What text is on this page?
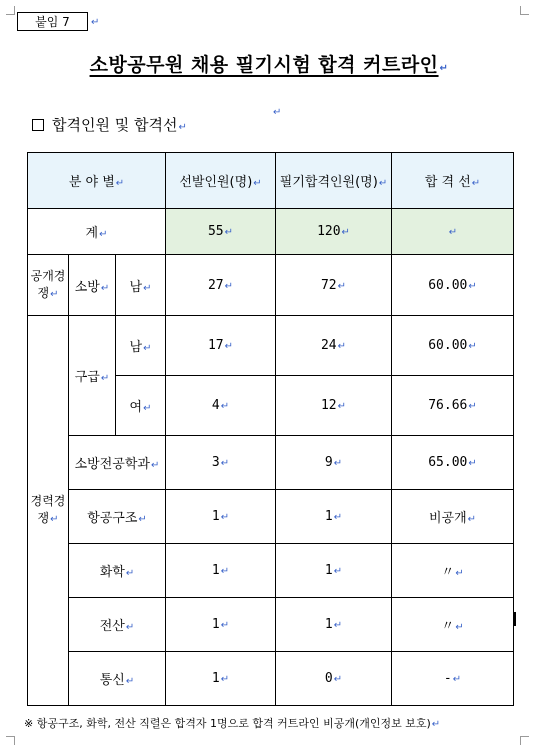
붙임 7	↵
소방공무원 채용 필기시험 합격 커트라인↵
↵
합격인원 및 합격선↵
분 야 별↵			선발인원(명)↵	필기합격인원(명)↵	합 격 선↵
계↵			55↵	120↵	↵
공개경쟁↵	소방↵	남↵	27↵	72↵	60.00↵
경력경쟁↵	구급↵	남↵	17↵	24↵	60.00↵
		여↵	4↵	12↵	76.66↵
	소방전공학과↵		3↵	9↵	65.00↵
	항공구조↵		1↵	1↵	비공개↵
	화학↵		1↵	1↵	〃↵
	전산↵		1↵	1↵	〃↵
	통신↵		1↵	0↵	-↵
※ 항공구조, 화학, 전산 직렬은 합격자 1명으로 합격 커트라인 비공개(개인정보 보호)↵
